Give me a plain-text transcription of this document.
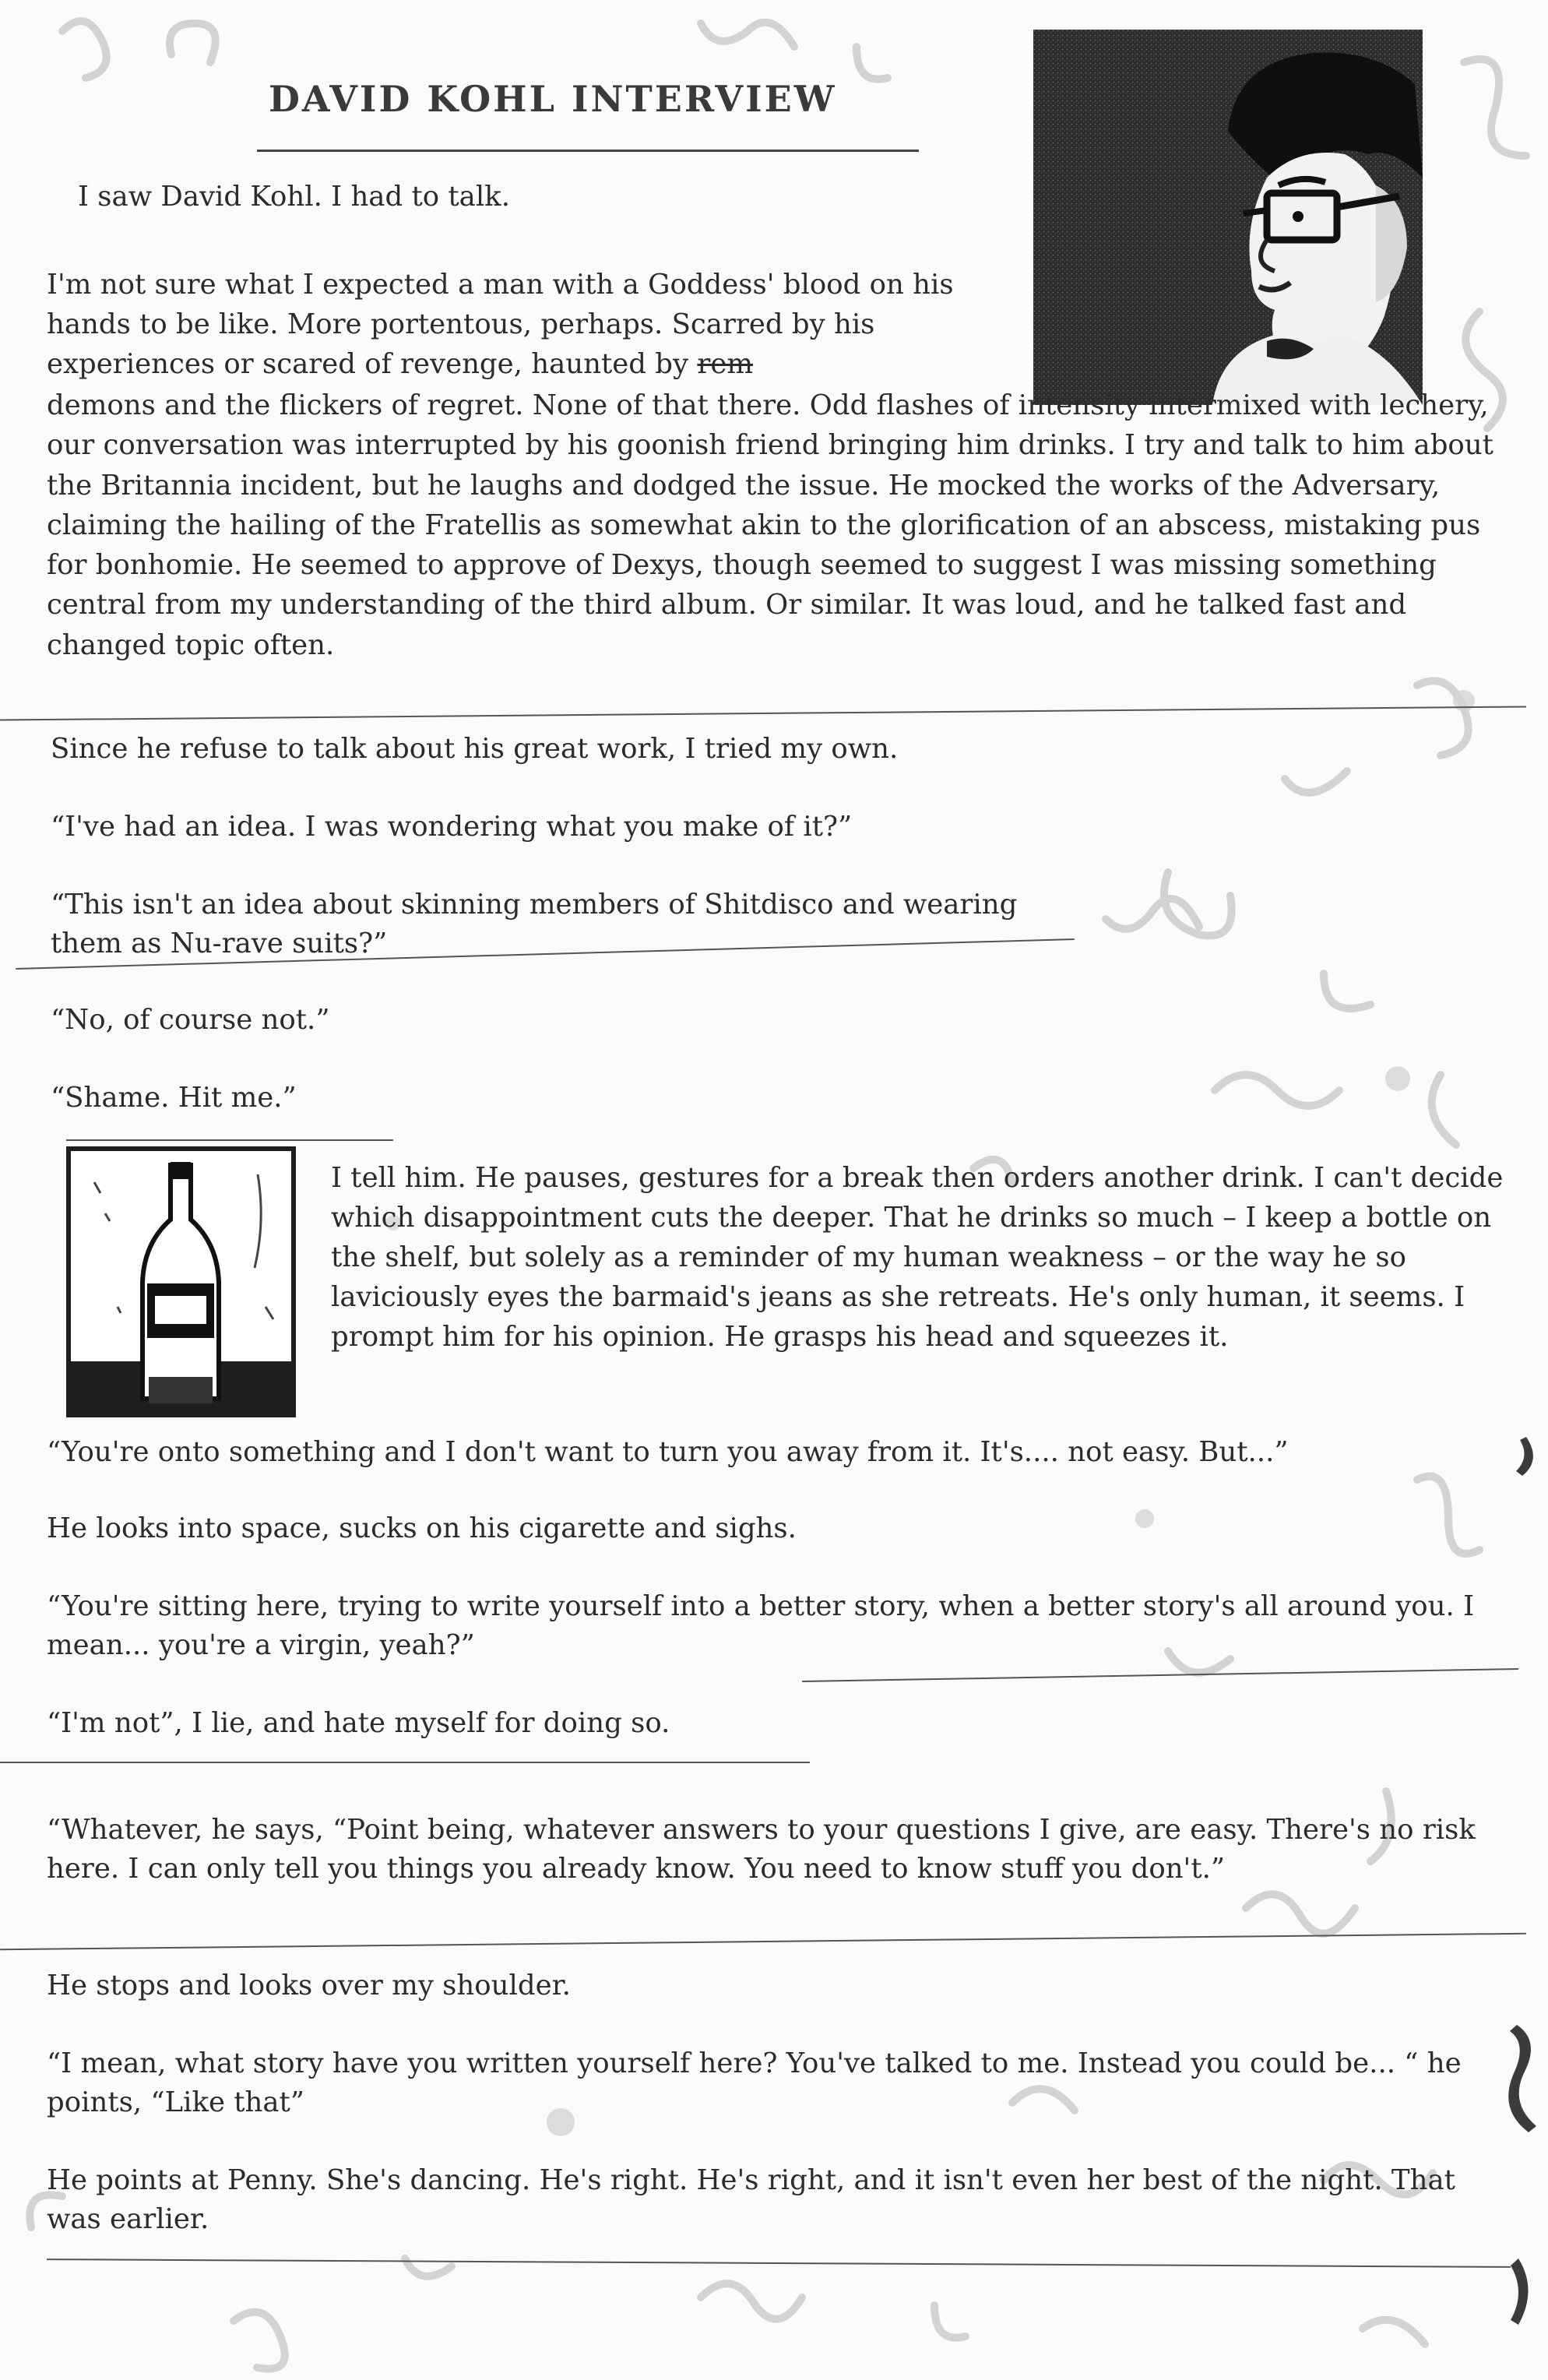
DAVID KOHL INTERVIEW

I saw David Kohl. I had to talk.

I'm not sure what I expected a man with a Goddess' blood on his hands to be like. More portentous, perhaps. Scarred by his experiences or scared of revenge, haunted by rem

demons and the flickers of regret. None of that there. Odd flashes of intensity intermixed with lechery, our conversation was interrupted by his goonish friend bringing him drinks. I try and talk to him about the Britannia incident, but he laughs and dodged the issue. He mocked the works of the Adversary, claiming the hailing of the Fratellis as somewhat akin to the glorification of an abscess, mistaking pus for bonhomie. He seemed to approve of Dexys, though seemed to suggest I was missing something central from my understanding of the third album. Or similar. It was loud, and he talked fast and changed topic often.

Since he refuse to talk about his great work, I tried my own.

“I've had an idea. I was wondering what you make of it?”

“This isn't an idea about skinning members of Shitdisco and wearing them as Nu-rave suits?”

“No, of course not.”

“Shame. Hit me.”

I tell him. He pauses, gestures for a break then orders another drink. I can't decide which disappointment cuts the deeper. That he drinks so much – I keep a bottle on the shelf, but solely as a reminder of my human weakness – or the way he so laviciously eyes the barmaid's jeans as she retreats. He's only human, it seems. I prompt him for his opinion. He grasps his head and squeezes it.

“You're onto something and I don't want to turn you away from it. It's.... not easy. But...”

He looks into space, sucks on his cigarette and sighs.

“You're sitting here, trying to write yourself into a better story, when a better story's all around you. I mean... you're a virgin, yeah?”

“I'm not”, I lie, and hate myself for doing so.

“Whatever, he says, “Point being, whatever answers to your questions I give, are easy. There's no risk here. I can only tell you things you already know. You need to know stuff you don't.”

He stops and looks over my shoulder.

“I mean, what story have you written yourself here? You've talked to me. Instead you could be... “ he points, “Like that”

He points at Penny. She's dancing. He's right. He's right, and it isn't even her best of the night. That was earlier.
